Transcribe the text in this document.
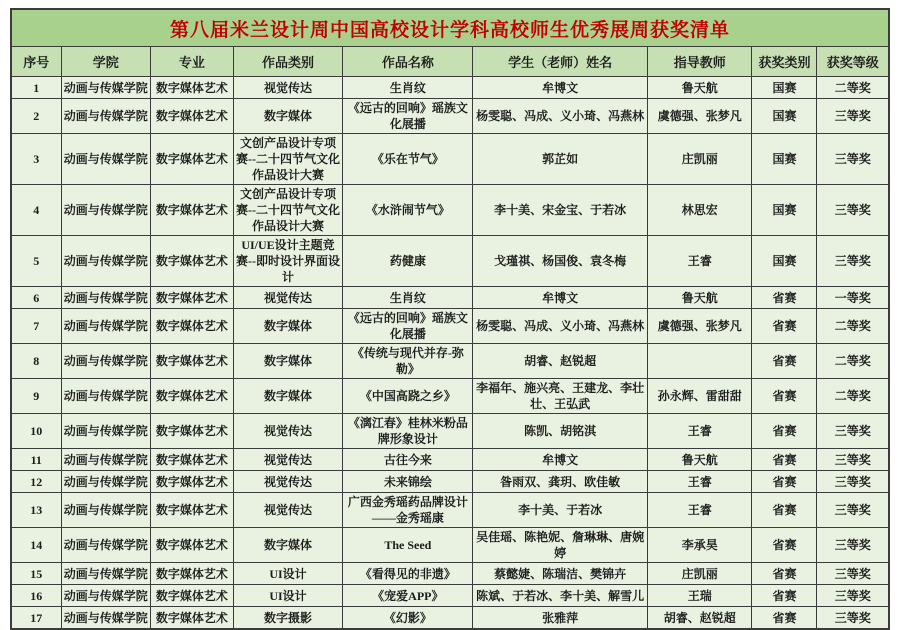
第八届米兰设计周中国高校设计学科高校师生优秀展周获奖清单								
序号	学院	专业	作品类别	作品名称	学生（老师）姓名	指导教师	获奖类别	获奖等级
1	动画与传媒学院	数字媒体艺术	视觉传达	生肖纹	牟博文	鲁天航	国赛	二等奖
2	动画与传媒学院	数字媒体艺术	数字媒体	《远古的回响》瑶族文化展播	杨雯聪、冯成、义小琦、冯燕林	虞德强、张梦凡	国赛	三等奖
3	动画与传媒学院	数字媒体艺术	文创产品设计专项赛--二十四节气文化作品设计大赛	《乐在节气》	郭芷如	庄凯丽	国赛	三等奖
4	动画与传媒学院	数字媒体艺术	文创产品设计专项赛--二十四节气文化作品设计大赛	《水浒闹节气》	李十美、宋金宝、于若冰	林思宏	国赛	三等奖
5	动画与传媒学院	数字媒体艺术	UI/UE设计主题竞赛--即时设计界面设计	药健康	戈瑾祺、杨国俊、袁冬梅	王睿	国赛	三等奖
6	动画与传媒学院	数字媒体艺术	视觉传达	生肖纹	牟博文	鲁天航	省赛	一等奖
7	动画与传媒学院	数字媒体艺术	数字媒体	《远古的回响》瑶族文化展播	杨雯聪、冯成、义小琦、冯燕林	虞德强、张梦凡	省赛	二等奖
8	动画与传媒学院	数字媒体艺术	数字媒体	《传统与现代并存-弥勒》	胡睿、赵锐超		省赛	二等奖
9	动画与传媒学院	数字媒体艺术	数字媒体	《中国高跷之乡》	李福年、施兴亮、王建龙、李壮壮、王弘武	孙永辉、雷甜甜	省赛	二等奖
10	动画与传媒学院	数字媒体艺术	视觉传达	《漓江春》桂林米粉品牌形象设计	陈凯、胡铭淇	王睿	省赛	三等奖
11	动画与传媒学院	数字媒体艺术	视觉传达	古往今来	牟博文	鲁天航	省赛	三等奖
12	动画与传媒学院	数字媒体艺术	视觉传达	未来锦绘	昝雨双、龚玥、欧佳敏	王睿	省赛	三等奖
13	动画与传媒学院	数字媒体艺术	视觉传达	广西金秀瑶药品牌设计——金秀瑶康	李十美、于若冰	王睿	省赛	三等奖
14	动画与传媒学院	数字媒体艺术	数字媒体	The Seed	吴佳瑶、陈艳妮、詹琳琳、唐婉婷	李承昊	省赛	三等奖
15	动画与传媒学院	数字媒体艺术	UI设计	《看得见的非遗》	蔡懿婕、陈瑞洁、樊锦卉	庄凯丽	省赛	三等奖
16	动画与传媒学院	数字媒体艺术	UI设计	《宠爱APP》	陈斌、于若冰、李十美、解雪儿	王瑞	省赛	三等奖
17	动画与传媒学院	数字媒体艺术	数字摄影	《幻影》	张雅萍	胡睿、赵锐超	省赛	三等奖
